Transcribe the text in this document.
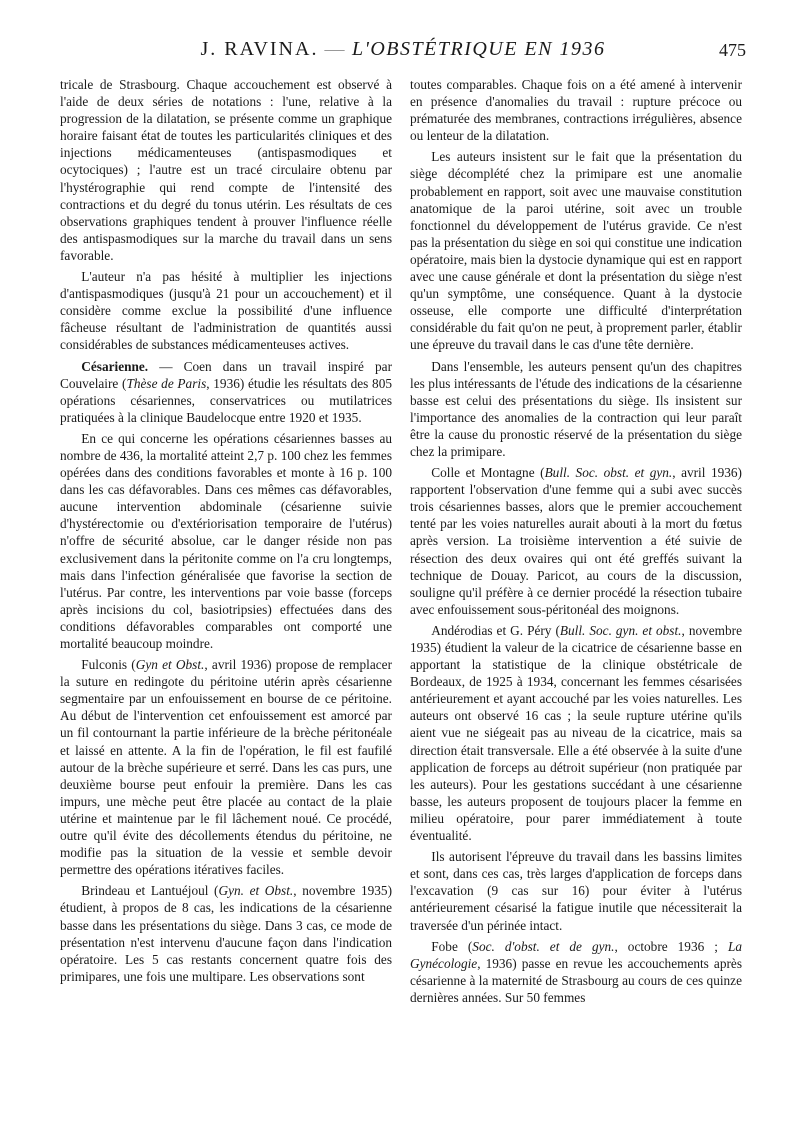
J. RAVINA. — L'OBSTÉTRIQUE EN 1936	475

tricale de Strasbourg. Chaque accouchement est observé à l'aide de deux séries de notations : l'une, relative à la progression de la dilatation, se présente comme un graphique horaire faisant état de toutes les particularités cliniques et des injections médicamenteuses (antispasmodiques et ocytociques) ; l'autre est un tracé circulaire obtenu par l'hystérographie qui rend compte de l'intensité des contractions et du degré du tonus utérin. Les résultats de ces observations graphiques tendent à prouver l'influence réelle des antispasmodiques sur la marche du travail dans un sens favorable.

L'auteur n'a pas hésité à multiplier les injections d'antispasmodiques (jusqu'à 21 pour un accouchement) et il considère comme exclue la possibilité d'une influence fâcheuse résultant de l'administration de quantités aussi considérables de substances médicamenteuses actives.

Césarienne. — Coen dans un travail inspiré par Couvelaire (Thèse de Paris, 1936) étudie les résultats des 805 opérations césariennes, conservatrices ou mutilatrices pratiquées à la clinique Baudelocque entre 1920 et 1935.

En ce qui concerne les opérations césariennes basses au nombre de 436, la mortalité atteint 2,7 p. 100 chez les femmes opérées dans des conditions favorables et monte à 16 p. 100 dans les cas défavorables. Dans ces mêmes cas défavorables, aucune intervention abdominale (césarienne suivie d'hystérectomie ou d'extériorisation temporaire de l'utérus) n'offre de sécurité absolue, car le danger réside non pas exclusivement dans la péritonite comme on l'a cru longtemps, mais dans l'infection généralisée que favorise la section de l'utérus. Par contre, les interventions par voie basse (forceps après incisions du col, basiotripsies) effectuées dans des conditions défavorables comparables ont comporté une mortalité beaucoup moindre.

Fulconis (Gyn et Obst., avril 1936) propose de remplacer la suture en redingote du péritoine utérin après césarienne segmentaire par un enfouissement en bourse de ce péritoine. Au début de l'intervention cet enfouissement est amorcé par un fil contournant la partie inférieure de la brèche péritonéale et laissé en attente. A la fin de l'opération, le fil est faufilé autour de la brèche supérieure et serré. Dans les cas purs, une deuxième bourse peut enfouir la première. Dans les cas impurs, une mèche peut être placée au contact de la plaie utérine et maintenue par le fil lâchement noué. Ce procédé, outre qu'il évite des décollements étendus du péritoine, ne modifie pas la situation de la vessie et semble devoir permettre des opérations itératives faciles.

Brindeau et Lantuéjoul (Gyn. et Obst., novembre 1935) étudient, à propos de 8 cas, les indications de la césarienne basse dans les présentations du siège. Dans 3 cas, ce mode de présentation n'est intervenu d'aucune façon dans l'indication opératoire. Les 5 cas restants concernent quatre fois des primipares, une fois une multipare. Les observations sont

toutes comparables. Chaque fois on a été amené à intervenir en présence d'anomalies du travail : rupture précoce ou prématurée des membranes, contractions irrégulières, absence ou lenteur de la dilatation.

Les auteurs insistent sur le fait que la présentation du siège décomplété chez la primipare est une anomalie probablement en rapport, soit avec une mauvaise constitution anatomique de la paroi utérine, soit avec un trouble fonctionnel du développement de l'utérus gravide. Ce n'est pas la présentation du siège en soi qui constitue une indication opératoire, mais bien la dystocie dynamique qui est en rapport avec une cause générale et dont la présentation du siège n'est qu'un symptôme, une conséquence. Quant à la dystocie osseuse, elle comporte une difficulté d'interprétation considérable du fait qu'on ne peut, à proprement parler, établir une épreuve du travail dans le cas d'une tête dernière.

Dans l'ensemble, les auteurs pensent qu'un des chapitres les plus intéressants de l'étude des indications de la césarienne basse est celui des présentations du siège. Ils insistent sur l'importance des anomalies de la contraction qui leur paraît être la cause du pronostic réservé de la présentation du siège chez la primipare.

Colle et Montagne (Bull. Soc. obst. et gyn., avril 1936) rapportent l'observation d'une femme qui a subi avec succès trois césariennes basses, alors que le premier accouchement tenté par les voies naturelles aurait abouti à la mort du fœtus après version. La troisième intervention a été suivie de résection des deux ovaires qui ont été greffés suivant la technique de Douay. Paricot, au cours de la discussion, souligne qu'il préfère à ce dernier procédé la résection tubaire avec enfouissement sous-péritonéal des moignons.

Andérodias et G. Péry (Bull. Soc. gyn. et obst., novembre 1935) étudient la valeur de la cicatrice de césarienne basse en apportant la statistique de la clinique obstétricale de Bordeaux, de 1925 à 1934, concernant les femmes césarisées antérieurement et ayant accouché par les voies naturelles. Les auteurs ont observé 16 cas ; la seule rupture utérine qu'ils aient vue ne siégeait pas au niveau de la cicatrice, mais sa direction était transversale. Elle a été observée à la suite d'une application de forceps au détroit supérieur (non pratiquée par les auteurs). Pour les gestations succédant à une césarienne basse, les auteurs proposent de toujours placer la femme en milieu opératoire, pour parer immédiatement à toute éventualité.

Ils autorisent l'épreuve du travail dans les bassins limites et sont, dans ces cas, très larges d'application de forceps dans l'excavation (9 cas sur 16) pour éviter à l'utérus antérieurement césarisé la fatigue inutile que nécessiterait la traversée d'un périnée intact.

Fobe (Soc. d'obst. et de gyn., octobre 1936 ; La Gynécologie, 1936) passe en revue les accouchements après césarienne à la maternité de Strasbourg au cours de ces quinze dernières années. Sur 50 femmes
